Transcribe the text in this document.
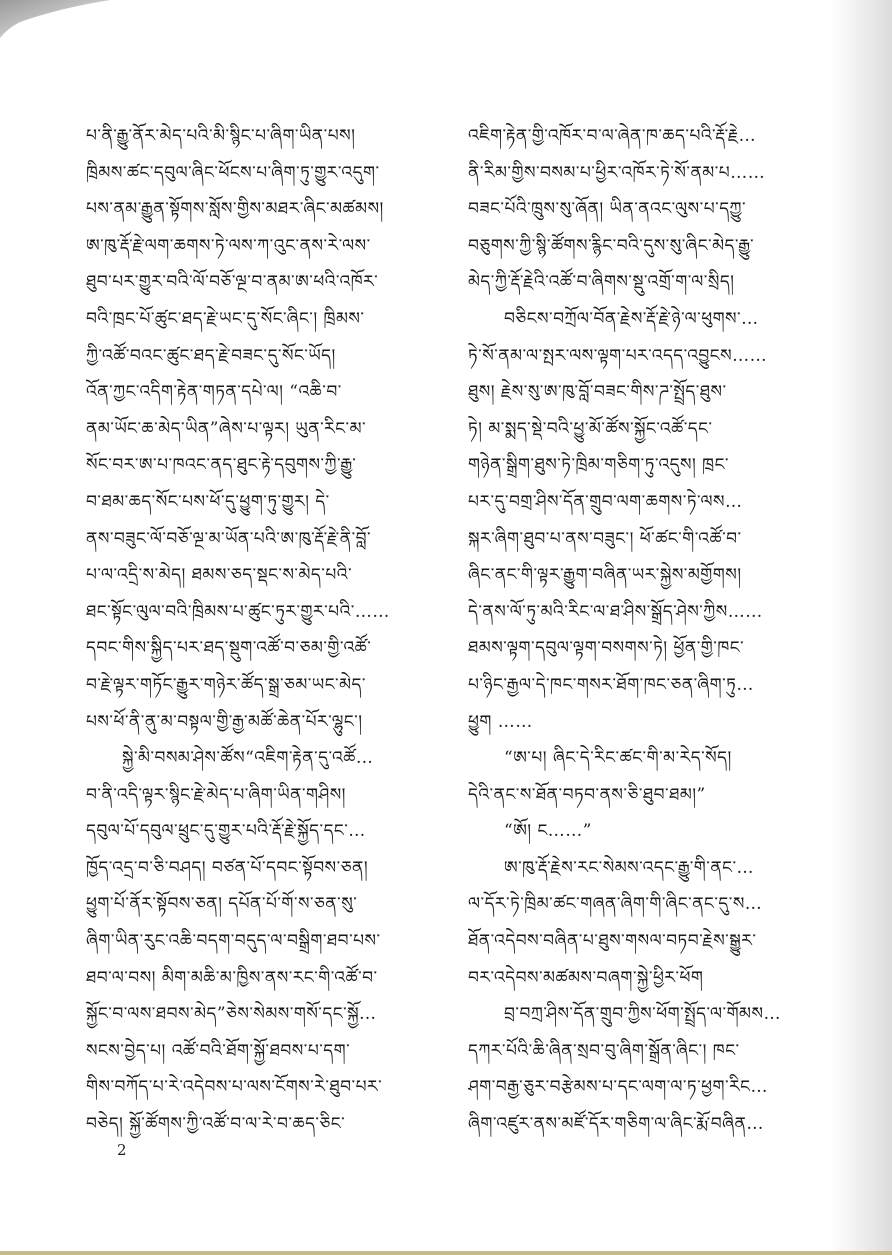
པ་ནི་རྒྱུ་ནོར་མེད་པའི་མི་སྙིང་པ་ཞིག་ཡིན་པས།
ཁྲིམས་ཚང་དབུལ་ཞིང་ཕོངས་པ་ཞིག་ཏུ་གྱུར་འདུག་
པས་ནམ་རྒྱུན་སྟོགས་སློས་གྱིས་མཐར་ཞིང་མཚམས།
ཨ་ཁུ་རྡོ་རྗེ་ལག་ཆགས་ཏེ་ལས་ཀ་འུང་ནས་རེ་ལས་
ཐུབ་པར་གྱུར་བའི་ལོ་བཅོ་ལྔ་བ་ནམ་ཨ་ཕའི་འཁོར་
བའི་ཁྲང་པོ་ཚུང་ཐད་རྗེ་ཡང་དུ་སོང་ཞིང་། ཁྲིམས་
ཀྱི་འཚོ་བའང་ཚུང་ཐད་རྗེ་བཟང་དུ་སོང་ཡོད།
འོན་ཀྱང་འདིག་རྟེན་གཏན་དཔེ་ལ། “འཆི་བ་
ནམ་ཡོང་ཆ་མེད་ཡིན”ཞེས་པ་ལྟར། ཡུན་རིང་མ་
སོང་བར་ཨ་པ་ཁའང་ནད་ཐུང་རྟེ་དབུགས་ཀྱི་རྒྱུ་
བ་ཐམ་ཆད་སོང་པས་ཕོ་དུ་ཕྱུག་ཏུ་གྱུར། དེ་
ནས་བཟུང་ལོ་བཅོ་ལྔ་མ་ཡོན་པའི་ཨ་ཁུ་རྡོ་རྗེ་ནི་བློ་
པ་ལ་འདྲི་ས་མེད། ཐམས་ཅད་སྡང་ས་མེད་པའི་
ཐང་སྟོང་ལུལ་བའི་ཁྲིམས་པ་ཚུང་ཏུར་གྱུར་པའི་……
དབང་གིས་སྐྱིད་པར་ཐད་སྡུག་འཚོ་བ་ཅམ་གྱི་འཚོ་
བ་རྗེ་ལྟར་གཏོང་རྒྱུར་གཉེར་ཚོད་སྒྲ་ཅམ་ཡང་མེད་
པས་ཕོ་ནི་ནུ་མ་བསྟལ་གྱི་རྒྱ་མཚོ་ཆེན་པོར་ལྷུང་།
སྐྱེ་མི་བསམ་ཤེས་ཚོས“འཇིག་རྟེན་དུ་འཚོ…
བ་ནི་འདི་ལྟར་སྙིང་རྗེ་མེད་པ་ཞིག་ཡིན་གཤིས།
དབུལ་པོ་དབུལ་ཕྲུང་དུ་གྱུར་པའི་རྡོ་རྗེ་སྐྱོད་དང་…
ཁྱོད་འདྲ་བ་ཅི་བཤད། བཙན་པོ་དབང་སྟོབས་ཅན།
ཕྱུག་པོ་ནོར་སྟོབས་ཅན། དཔོན་པོ་གོ་ས་ཅན་སུ་
ཞིག་ཡིན་རུང་འཆི་བདག་བདུད་ལ་བསྒྲིག་ཐབ་པས་
ཐབ་ལ་བས། མིག་མཆི་མ་ཁྱིས་ནས་རང་གི་འཚོ་བ་
སྐྱོང་བ་ལས་ཐབས་མེད”ཅེས་སེམས་གསོ་དང་སྐྱོ…
སངས་བྱེད་པ། འཚོ་བའི་ཐོག་སྐྱོ་ཐབས་པ་དག་
གིས་བཀོད་པ་རེ་འདེབས་པ་ལས་ངོགས་རེ་ཐུབ་པར་
བཅེད། སྐྱོ་ཚོགས་ཀྱི་འཚོ་བ་ལ་རེ་བ་ཆད་ཅིང་
འཇིག་རྟེན་གྱི་འཁོར་བ་ལ་ཞེན་ཁ་ཆད་པའི་རྡོ་རྗེ…
ནི་རིམ་གྱིས་བསམ་པ་ཕྱིར་འཁོར་ཏེ་སོ་ནམ་པ……
བཟང་པོའི་ཁྲུས་སུ་ཞོན། ཡིན་ནའང་ལུས་པ་དཀྱུ་
བཅུགས་ཀྱི་སྙི་ཚོགས་རྙིང་བའི་དུས་སུ་ཞིང་མེད་རྒྱུ་
མེད་ཀྱི་རྡོ་རྗེའི་འཚོ་བ་ཞིགས་སྡུ་འགྲོ་ག་ལ་སྲིད།
བཅིངས་བཀྲོལ་བོན་རྗེས་རྡོ་རྗེ་ཉེ་ལ་ཕུགས་…
ཏེ་སོ་ནམ་ལ་སྤར་ལས་ལྟག་པར་འདད་འབྱུངས……
ཐུས། རྗེས་སུ་ཨ་ཁུ་བློ་བཟང་གིས་ཌ་སྤྲོད་ཐུས་
ཏེ། མ་སྨད་སྡེ་བའི་ཕྱུ་མོ་ཚོས་སྐྱོང་འཚོ་དང་
གཉེན་སྒྲིག་ཐུས་ཏེ་ཁྲིམ་གཅིག་ཏུ་འདུས། ཁྲང་
པར་དུ་བགྲ་ཤིས་དོན་གྲུབ་ལག་ཆགས་ཏེ་ལས…
སྐར་ཞིག་ཐུབ་པ་ནས་བཟུང་། ཕོ་ཚང་གི་འཚོ་བ་
ཞིང་ནང་གི་ལྟར་རྒྱུག་བཞིན་ཡར་སྐྱེས་མགྱོགས།
དེ་ནས་ལོ་ཏུ་མའི་རིང་ལ་ཐ་ཤིས་སྒྲོད་ཤེས་ཀྱིས……
ཐམས་ལྟག་དབུལ་ལྟག་བསགས་ཏེ། ཕྱོན་གྱི་ཁང་
པ་ཉིང་རྒྱལ་དེ་ཁང་གསར་ཐོག་ཁང་ཅན་ཞིག་ཏུ…
ཕྱུག ……
“ཨ་པ། ཞིང་དེ་རིང་ཚང་གི་མ་རེད་སོད།
དེའི་ནང་ས་ཐོན་བཏབ་ནས་ཅི་ཐུབ་ཐམ།”
“ཨོ། ང……”
ཨ་ཁུ་རྡོ་རྗེས་རང་སེམས་འདང་རྒྱུ་གི་ནང་…
ལ་དོར་ཏེ་ཁྲིམ་ཚང་གཞན་ཞིག་གི་ཞིང་ནང་དུ་ས…
ཐོན་འདེབས་བཞིན་པ་ཐུས་གསལ་བཏབ་རྗེས་སྒྱུར་
བར་འདེབས་མཚམས་བཞག་སྐྱེ་ཕྱིར་ཕོག
བྲ་བཀྲ་ཤིས་དོན་གྲུབ་ཀྱིས་ཕོག་སྤྲོད་ལ་གོམས…
དཀར་པོའི་ཆི་ཞིན་སྲབ་བུ་ཞིག་སྒྲོན་ཞིང་། ཁང་
ཤག་བརྒྱ་ཅུར་བརྩེམས་པ་དང་ལག་ལ་ཏ་ཕྱག་རིང…
ཞིག་འཛུར་ནས་མཛོ་དོར་གཅིག་ལ་ཞིང་རྨོ་བཞིན…
2
